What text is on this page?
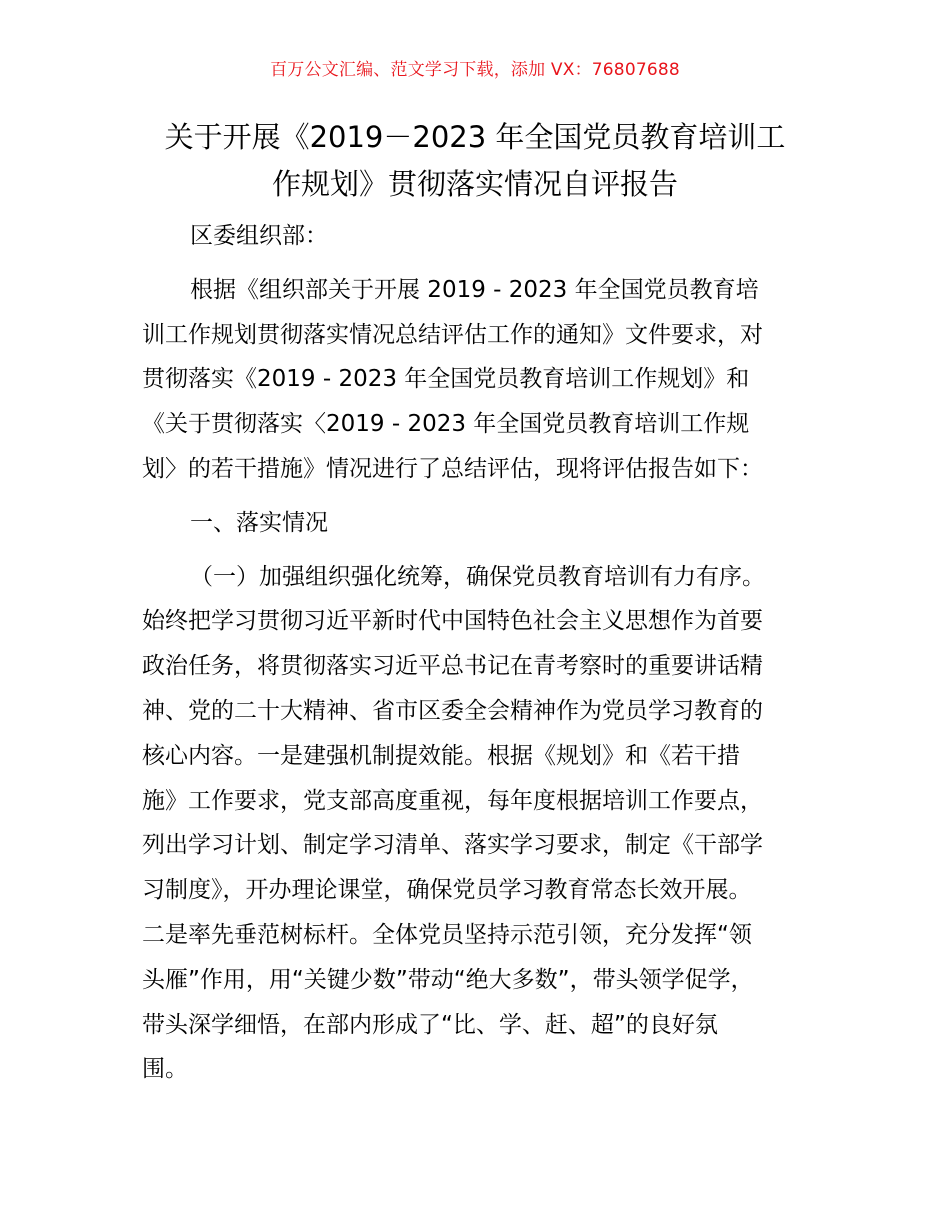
百万公文汇编、范文学习下载，添加 VX：76807688
关于开展《2019－2023 年全国党员教育培训工
作规划》贯彻落实情况自评报告
区委组织部：
根据《组织部关于开展 2019 - 2023 年全国党员教育培
训工作规划贯彻落实情况总结评估工作的通知》文件要求，对
贯彻落实《2019 - 2023 年全国党员教育培训工作规划》和
《关于贯彻落实〈2019 - 2023 年全国党员教育培训工作规
划〉的若干措施》情况进行了总结评估，现将评估报告如下：
一、落实情况
（一）加强组织强化统筹，确保党员教育培训有力有序。
始终把学习贯彻习近平新时代中国特色社会主义思想作为首要
政治任务，将贯彻落实习近平总书记在青考察时的重要讲话精
神、党的二十大精神、省市区委全会精神作为党员学习教育的
核心内容。一是建强机制提效能。根据《规划》和《若干措
施》工作要求，党支部高度重视，每年度根据培训工作要点，
列出学习计划、制定学习清单、落实学习要求，制定《干部学
习制度》，开办理论课堂，确保党员学习教育常态长效开展。
二是率先垂范树标杆。全体党员坚持示范引领，充分发挥“领
头雁”作用，用“关键少数”带动“绝大多数”，带头领学促学，
带头深学细悟，在部内形成了“比、学、赶、超”的良好氛
围。
